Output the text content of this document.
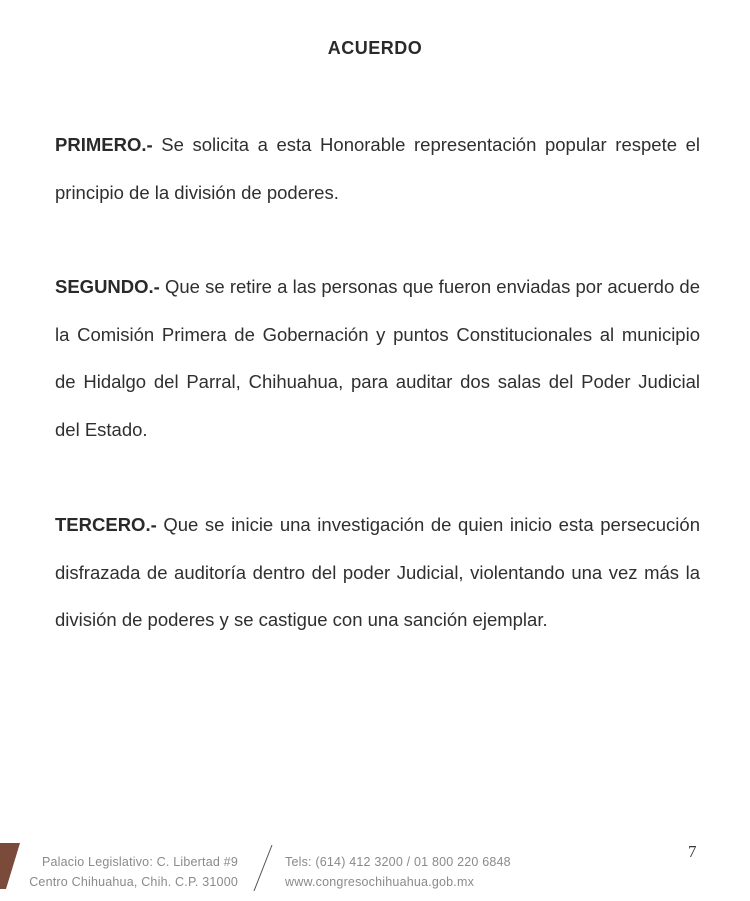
ACUERDO
PRIMERO.- Se solicita a esta Honorable representación popular respete el principio de la división de poderes.
SEGUNDO.- Que se retire a las personas que fueron enviadas por acuerdo de la Comisión Primera de Gobernación y puntos Constitucionales al municipio de Hidalgo del Parral, Chihuahua, para auditar dos salas del Poder Judicial del Estado.
TERCERO.- Que se inicie una investigación de quien inicio esta persecución disfrazada de auditoría dentro del poder Judicial, violentando una vez más la división de poderes y se castigue con una sanción ejemplar.
Palacio Legislativo: C. Libertad #9
Centro Chihuahua, Chih. C.P. 31000
Tels: (614) 412 3200 / 01 800 220 6848
www.congresochihuahua.gob.mx
7
